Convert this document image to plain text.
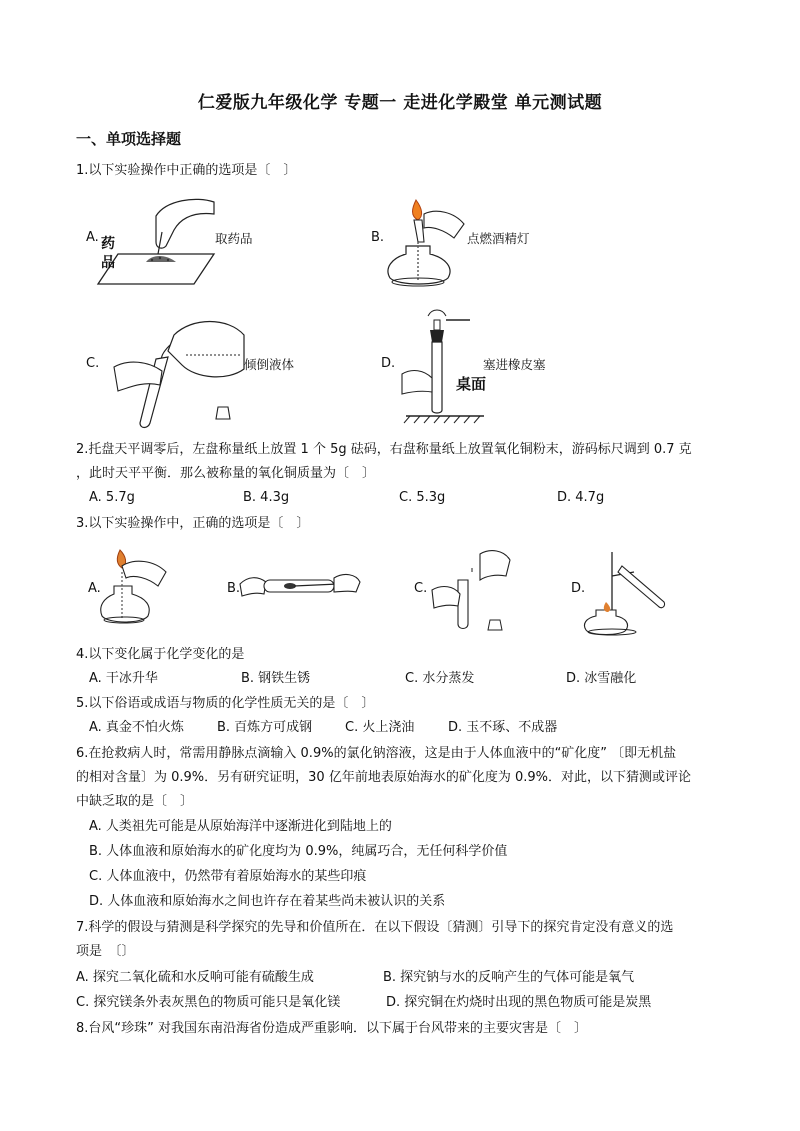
仁爱版九年级化学 专题一 走进化学殿堂 单元测试题
一、单项选择题
1.以下实验操作中正确的选项是〔　〕
A. 药
品
取药品	B.	点燃酒精灯
C.	倾倒液体	D.
桌面
塞进橡皮塞
2.托盘天平调零后，左盘称量纸上放置 1 个 5g 砝码，右盘称量纸上放置氧化铜粉末，游码标尺调到 0.7 克
，此时天平平衡．那么被称量的氧化铜质量为〔　〕
A. 5.7g	B. 4.3g	C. 5.3g	D. 4.7g
3.以下实验操作中，正确的选项是〔　〕
A.	B.	C.	D.
4.以下变化属于化学变化的是
A. 干冰升华	B. 钢铁生锈	C. 水分蒸发	D. 冰雪融化
5.以下俗语或成语与物质的化学性质无关的是〔　〕
A. 真金不怕火炼	B. 百炼方可成钢	C. 火上浇油	D. 玉不琢、不成器
6.在抢救病人时，常需用静脉点滴输入 0.9%的氯化钠溶液，这是由于人体血液中的“矿化度” 〔即无机盐
的相对含量〕为 0.9%．另有研究证明，30 亿年前地表原始海水的矿化度为 0.9%．对此，以下猜测或评论
中缺乏取的是〔　〕
A. 人类祖先可能是从原始海洋中逐渐进化到陆地上的
B. 人体血液和原始海水的矿化度均为 0.9%，纯属巧合，无任何科学价值
C. 人体血液中，仍然带有着原始海水的某些印痕
D. 人体血液和原始海水之间也许存在着某些尚未被认识的关系
7.科学的假设与猜测是科学探究的先导和价值所在．在以下假设〔猜测〕引导下的探究肯定没有意义的选
项是　〔〕
A. 探究二氧化硫和水反响可能有硫酸生成	B. 探究钠与水的反响产生的气体可能是氧气
C. 探究镁条外表灰黑色的物质可能只是氧化镁	D. 探究铜在灼烧时出现的黑色物质可能是炭黑
8.台风“珍珠” 对我国东南沿海省份造成严重影响．以下属于台风带来的主要灾害是〔　〕
